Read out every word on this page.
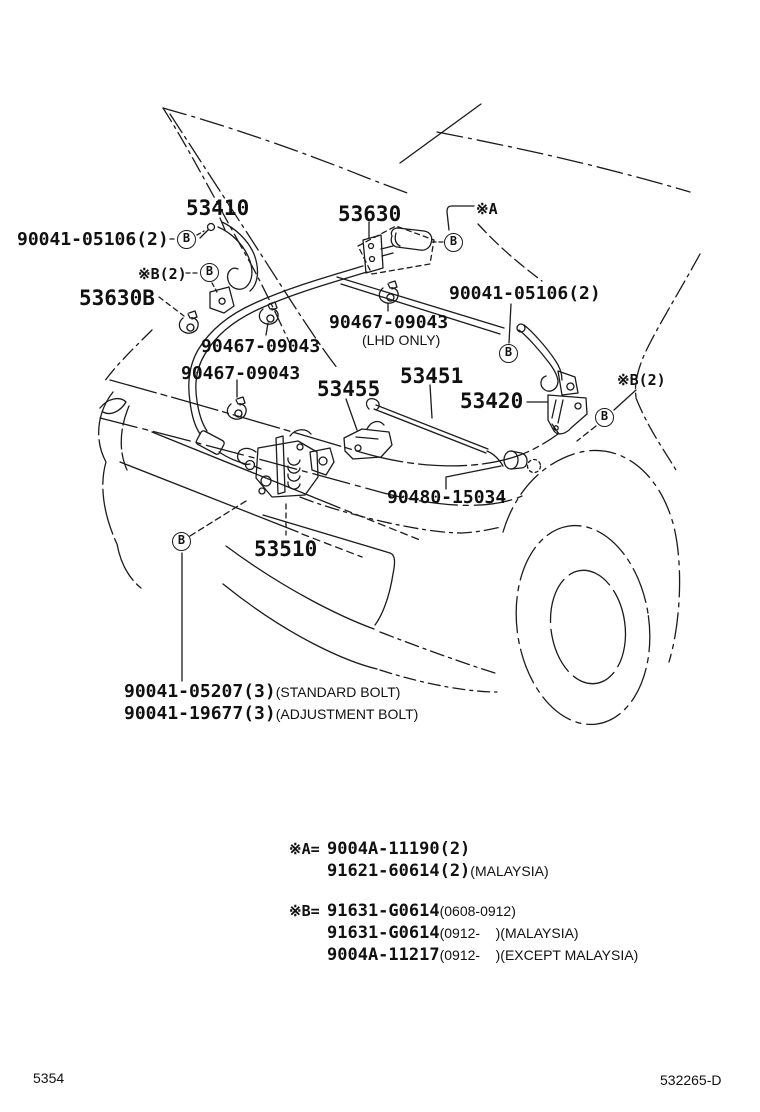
53410	53630	※A
90041-05106(2)
※B(2)
53630B	90041-05106(2)
90467-09043
(LHD ONLY)
90467-09043
90467-09043
53455
53451
53420
※B(2)
90480-15034
53510
90041-05207(3) (STANDARD BOLT)
90041-19677(3) (ADJUSTMENT BOLT)
B
B
B
B
B
B
※A= 9004A-11190(2)
91621-60614(2) (MALAYSIA)
※B= 91631-G0614 (0608-0912)
91631-G0614 (0912-    )(MALAYSIA)
9004A-11217 (0912-    )(EXCEPT MALAYSIA)
5354	532265-D
